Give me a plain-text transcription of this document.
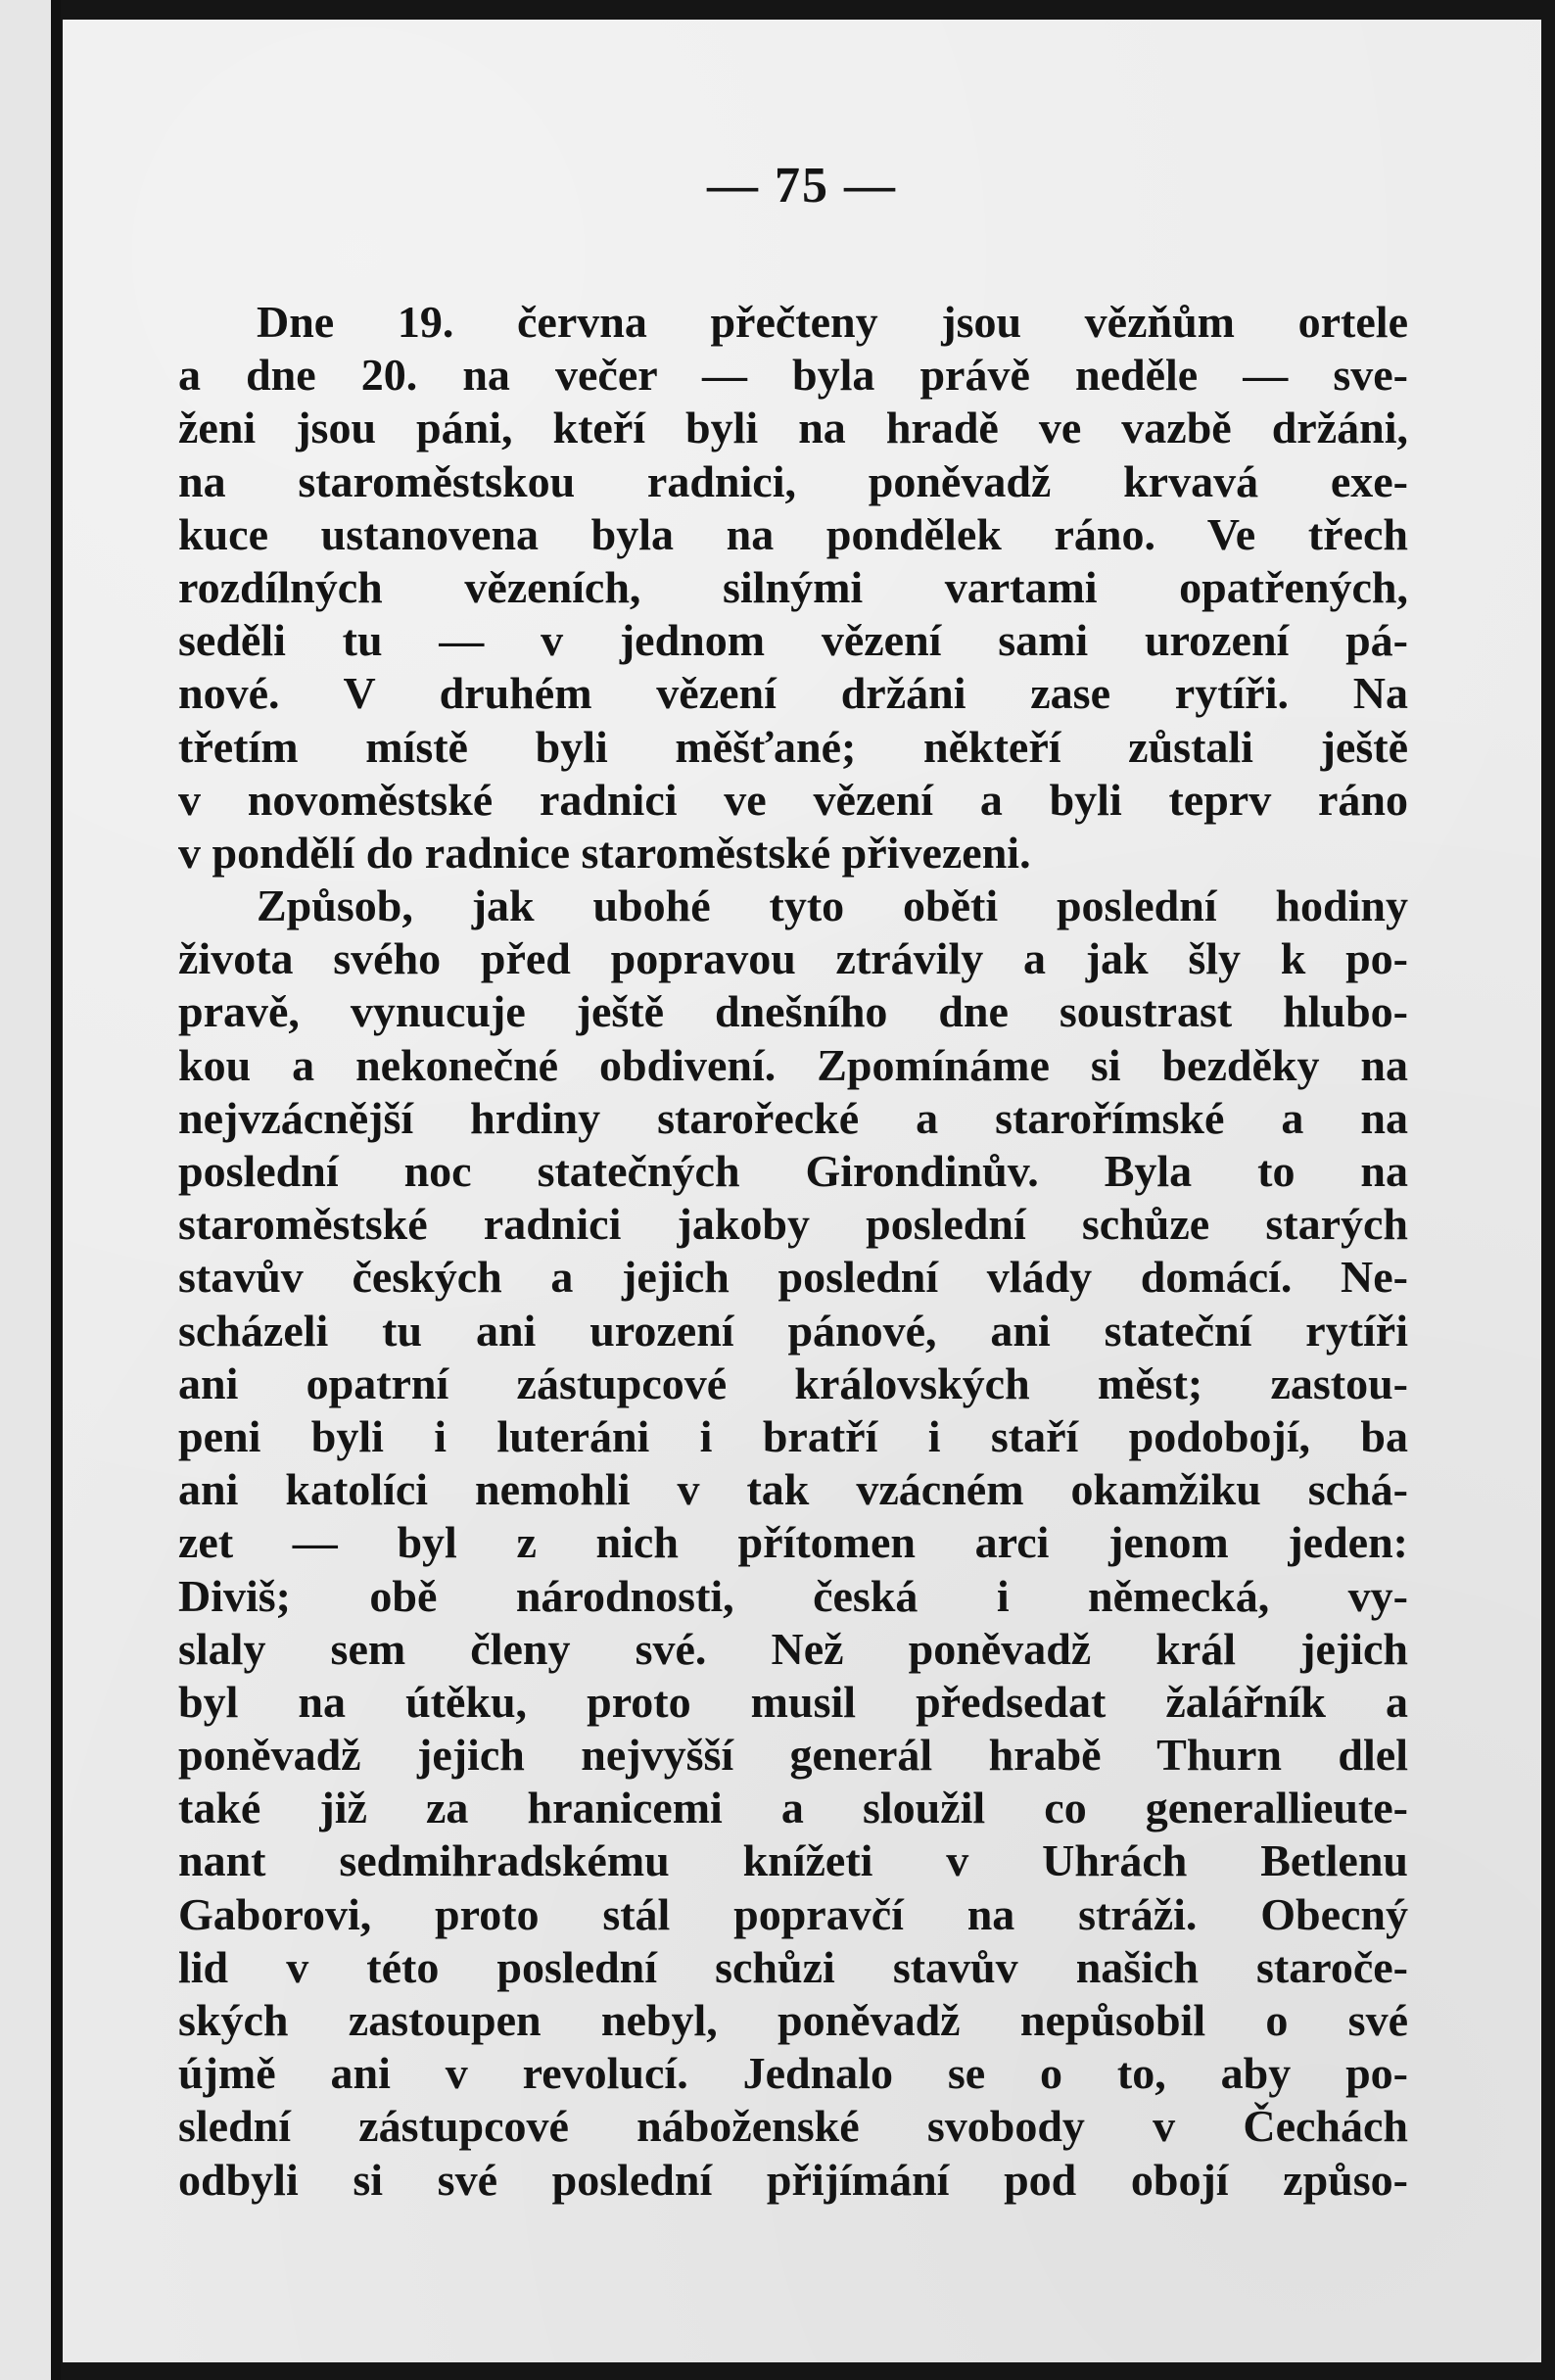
— 75 —
Dne 19. června přečteny jsou vězňům ortele
a dne 20. na večer — byla právě neděle — sve-
ženi jsou páni, kteří byli na hradě ve vazbě držáni,
na staroměstskou radnici, poněvadž krvavá exe-
kuce ustanovena byla na pondělek ráno. Ve třech
rozdílných vězeních, silnými vartami opatřených,
seděli tu — v jednom vězení sami urození pá-
nové. V druhém vězení držáni zase rytíři. Na
třetím místě byli měšťané; někteří zůstali ještě
v novoměstské radnici ve vězení a byli teprv ráno
v pondělí do radnice staroměstské přivezeni.
Způsob, jak ubohé tyto oběti poslední hodiny
života svého před popravou ztrávily a jak šly k po-
pravě, vynucuje ještě dnešního dne soustrast hlubo-
kou a nekonečné obdivení. Zpomínáme si bezděky na
nejvzácnější hrdiny starořecké a starořímské a na
poslední noc statečných Girondinův. Byla to na
staroměstské radnici jakoby poslední schůze starých
stavův českých a jejich poslední vlády domácí. Ne-
scházeli tu ani urození pánové, ani stateční rytíři
ani opatrní zástupcové královských měst; zastou-
peni byli i luteráni i bratří i staří podobojí, ba
ani katolíci nemohli v tak vzácném okamžiku schá-
zet — byl z nich přítomen arci jenom jeden:
Diviš; obě národnosti, česká i německá, vy-
slaly sem členy své. Než poněvadž král jejich
byl na útěku, proto musil předsedat žalářník a
poněvadž jejich nejvyšší generál hrabě Thurn dlel
také již za hranicemi a sloužil co generallieute-
nant sedmihradskému knížeti v Uhrách Betlenu
Gaborovi, proto stál popravčí na stráži. Obecný
lid v této poslední schůzi stavův našich staroče-
ských zastoupen nebyl, poněvadž nepůsobil o své
újmě ani v revolucí. Jednalo se o to, aby po-
slední zástupcové náboženské svobody v Čechách
odbyli si své poslední přijímání pod obojí způso-
